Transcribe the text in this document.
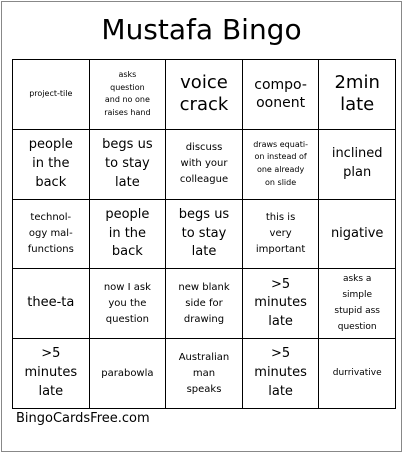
Mustafa Bingo
project-tile
asks
question
and no one
raises hand
voice
crack
compo-
oonent
2min
late
people
in the
back
begs us
to stay
late
discuss
with your
colleague
draws equati-
on instead of
one already
on slide
inclined
plan
technol-
ogy mal-
functions
people
in the
back
begs us
to stay
late
this is
very
important
nigative
thee-ta
now I ask
you the
question
new blank
side for
drawing
>5
minutes
late
asks a
simple
stupid ass
question
>5
minutes
late
parabowla
Australian
man
speaks
>5
minutes
late
durrivative
BingoCardsFree.com
